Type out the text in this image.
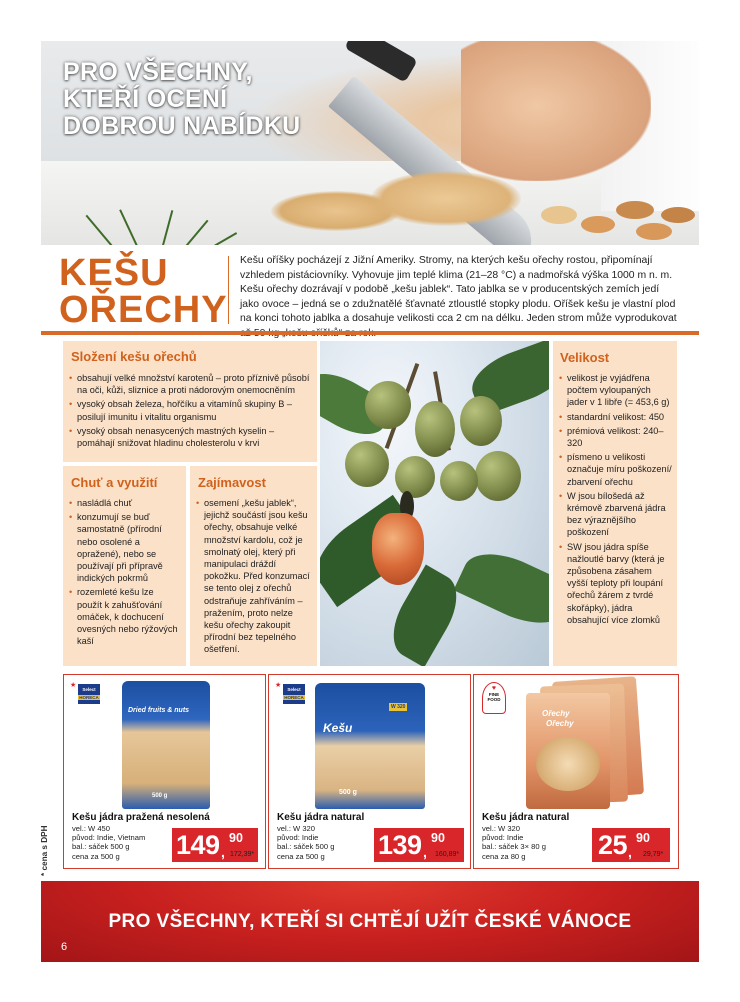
PRO VŠECHNY,
KTEŘÍ OCENÍ
DOBROU NABÍDKU
KEŠU
OŘECHY
Kešu oříšky pocházejí z Jižní Ameriky. Stromy, na kterých kešu ořechy rostou, připomínají vzhledem pistáciovníky. Vyhovuje jim teplé klima (21–28 °C) a nadmořská výška 1000 m n. m. Kešu ořechy dozrávají v podobě „kešu jablek“. Tato jablka se v producentských zemích jedí jako ovoce – jedná se o zdužnatělé šťavnaté ztloustlé stopky plodu. Oříšek kešu je vlastní plod na konci tohoto jablka a dosahuje velikosti cca 2 cm na délku. Jeden strom může vyprodukovat
Složení kešu ořechů
• obsahují velké množství karotenů – proto příznivě působí na oči, kůži, sliznice a proti nádorovým onemocněním
• vysoký obsah železa, hořčíku a vitamínů skupiny B – posilují imunitu i vitalitu organismu
• vysoký obsah nenasycených mastných kyselin – pomáhají snižovat hladinu cholesterolu v krvi
Chuť a využití
• nasládlá chuť
• konzumují se buď samostatně (přírodní nebo osolené a opražené), nebo se používají při přípravě indických pokrmů
• rozemleté kešu lze použít k zahušťování omáček, k dochucení ovesných nebo rýžových kaší
Zajímavost
• osemení „kešu jablek“, jejichž součástí jsou kešu ořechy, obsahuje velké množství kardolu, což je smolnatý olej, který při manipulaci dráždí pokožku. Před konzumací se tento olej z ořechů odstraňuje zahříváním – pražením, proto nelze kešu ořechy zakoupit přírodní bez tepelného ošetření.
Velikost
• velikost je vyjádřena počtem vyloupaných jader v 1 libře (= 453,6 g)
• standardní velikost: 450
• prémiová velikost: 240–320
• písmeno u velikosti označuje míru poškození/ zbarvení ořechu
• W jsou bílošedá až krémově zbarvená jádra bez výraznějšího poškození
• SW jsou jádra spíše nažloutlé barvy (která je způsobena zásahem vyšší teploty při loupání ořechů žárem z tvrdé skořápky), jádra obsahující více zlomků
* cena s DPH
Select
HORECA
★
Dried fruits & nuts
500 g
Kešu jádra pražená nesolená
vel.: W 450
původ: Indie, Vietnam
bal.: sáček 500 g
cena za 500 g	149 ,
90
172,39*
Select
HORECA
★
W 320
Kešu
500 g
Kešu jádra natural
vel.: W 320
původ: Indie
bal.: sáček 500 g
cena za 500 g	139 ,
90
160,89*
♥
FINE
FOOD
Ořechy
Ořechy
Kešu jádra natural
vel.: W 320
původ: Indie
bal.: sáček 3× 80 g
cena za 80 g	25 ,
90
29,79*
PRO VŠECHNY, KTEŘÍ SI CHTĚJÍ UŽÍT ČESKÉ VÁNOCE
6
